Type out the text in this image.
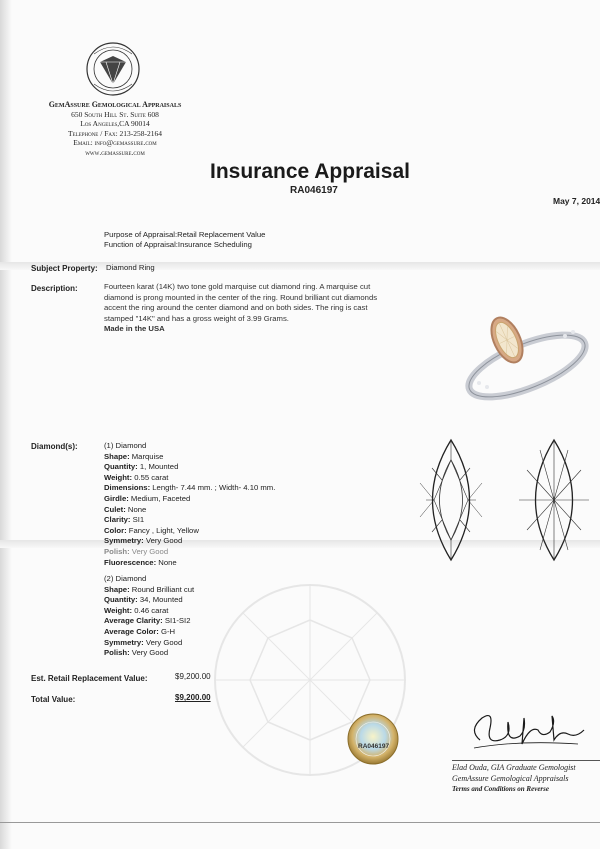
GemAssure Gemological Appraisals
650 South Hill St. Suite 608
Los Angeles,CA 90014
Telephone / Fax: 213-258-2164
Email: info@gemassure.com
www.gemassure.com
Insurance Appraisal
RA046197
May 7, 2014
Purpose of Appraisal:Retail Replacement Value
Function of Appraisal:Insurance Scheduling
Subject Property: Diamond Ring
Description:	Fourteen karat (14K) two tone gold marquise cut diamond ring. A marquise cut

diamond is prong mounted in the center of the ring. Round brilliant cut diamonds

accent the ring around the center diamond and on both sides. The ring is cast

stamped "14K" and has a gross weight of 3.99 Grams.

Made in the USA

Diamond(s):	(1) Diamond
Shape: Marquise
Quantity: 1, Mounted
Weight: 0.55 carat
Dimensions: Length- 7.44 mm. ; Width- 4.10 mm.
Girdle: Medium, Faceted
Culet: None
Clarity: SI1
Color: Fancy , Light, Yellow
Symmetry: Very Good
Polish: Very Good
Fluorescence: None
(2) Diamond
Shape: Round Brilliant cut
Quantity: 34, Mounted
Weight: 0.46 carat
Average Clarity: SI1-SI2
Average Color: G-H
Symmetry: Very Good
Polish: Very Good
Est. Retail Replacement Value:	$9,200.00
Total Value:	$9,200.00
RA046197
Elad Ouda, GIA Graduate Gemologist
GemAssure Gemological Appraisals
Terms and Conditions on Reverse
